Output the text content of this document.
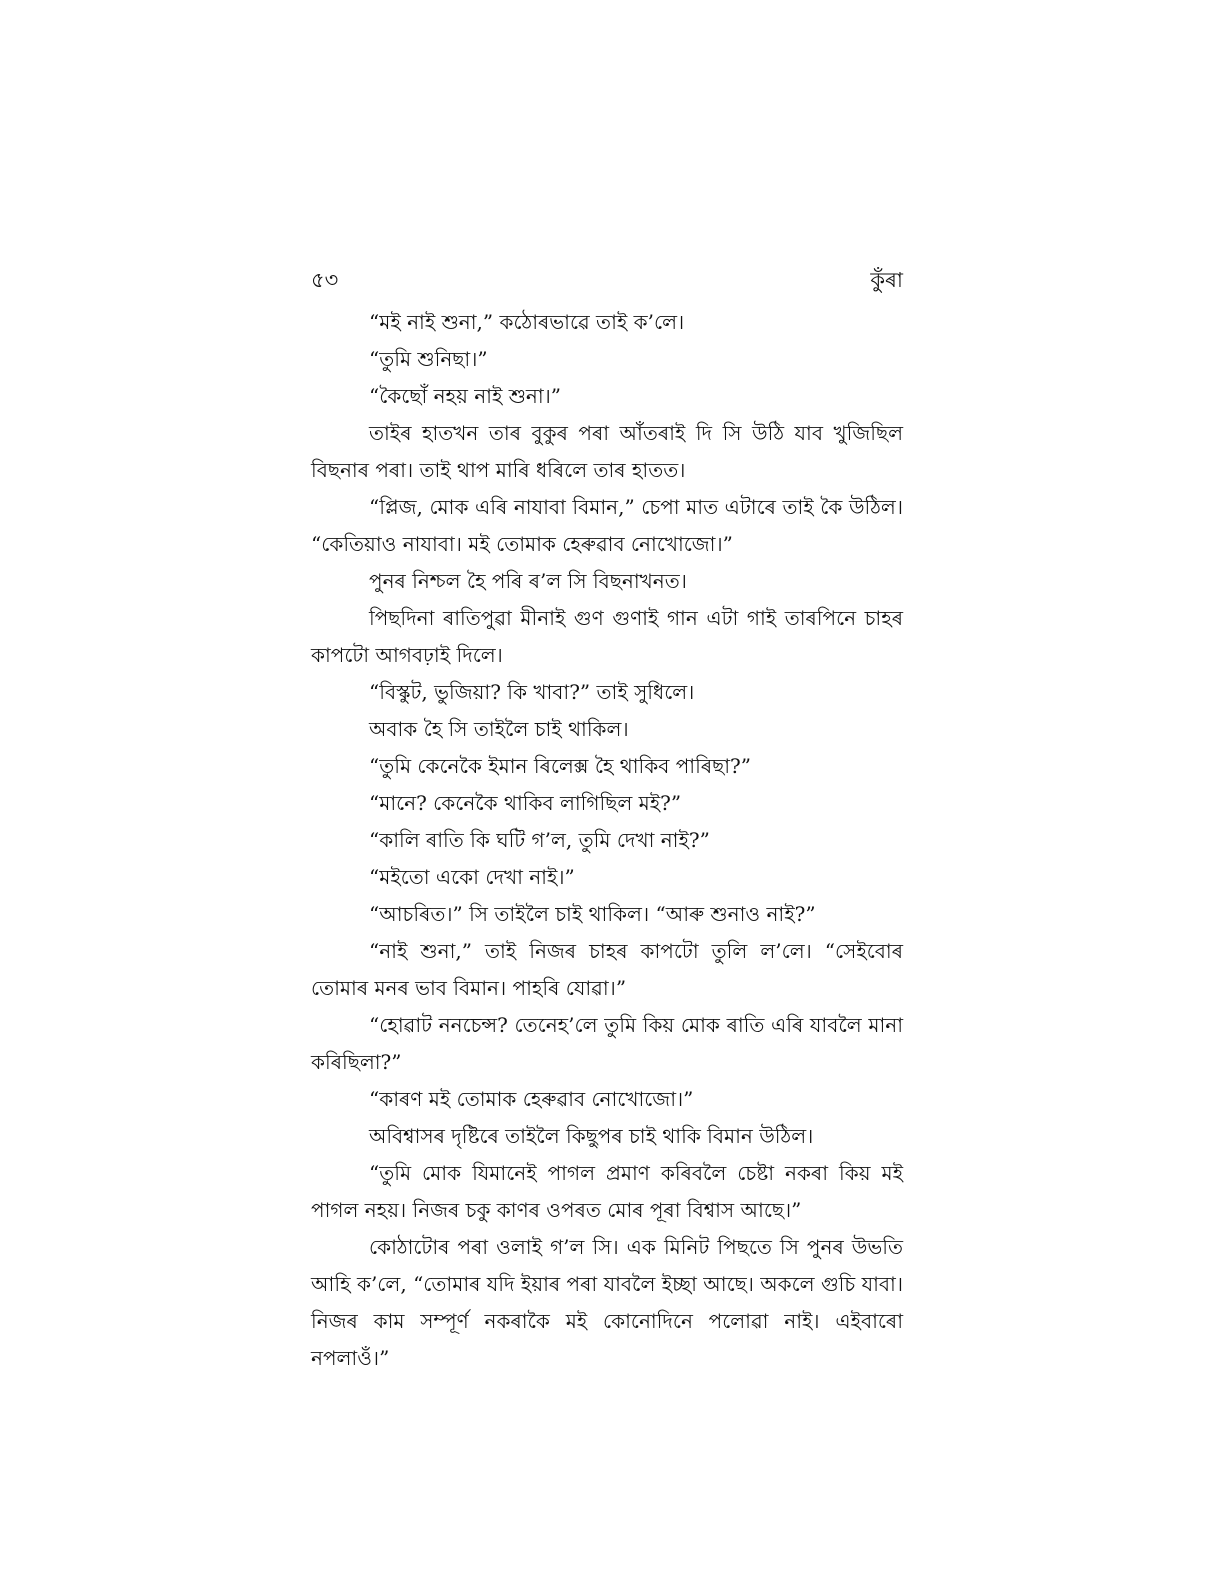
৫৩	কুঁৰা

“মই নাই শুনা,” কঠোৰভাৱে তাই ক’লে।

“তুমি শুনিছা।”

“কৈছোঁ নহয় নাই শুনা।”

তাইৰ হাতখন তাৰ বুকুৰ পৰা আঁতৰাই দি সি উঠি যাব খুজিছিল বিছনাৰ পৰা। তাই থাপ মাৰি ধৰিলে তাৰ হাতত।

“প্লিজ, মোক এৰি নাযাবা বিমান,” চেপা মাত এটাৰে তাই কৈ উঠিল। “কেতিয়াও নাযাবা। মই তোমাক হেৰুৱাব নোখোজো।”

পুনৰ নিশ্চল হৈ পৰি ৰ’ল সি বিছনাখনত।

পিছদিনা ৰাতিপুৱা মীনাই গুণ গুণাই গান এটা গাই তাৰপিনে চাহৰ কাপটো আগবঢ়াই দিলে।

“বিস্কুট, ভুজিয়া? কি খাবা?” তাই সুধিলে।

অবাক হৈ সি তাইলৈ চাই থাকিল।

“তুমি কেনেকৈ ইমান ৰিলেক্স হৈ থাকিব পাৰিছা?”

“মানে? কেনেকৈ থাকিব লাগিছিল মই?”

“কালি ৰাতি কি ঘটি গ’ল, তুমি দেখা নাই?”

“মইতো একো দেখা নাই।”

“আচৰিত।” সি তাইলৈ চাই থাকিল। “আৰু শুনাও নাই?”

“নাই শুনা,” তাই নিজৰ চাহৰ কাপটো তুলি ল’লে। “সেইবোৰ তোমাৰ মনৰ ভাব বিমান। পাহৰি যোৱা।”

“হোৱাট ননচেন্স? তেনেহ’লে তুমি কিয় মোক ৰাতি এৰি যাবলৈ মানা কৰিছিলা?”

“কাৰণ মই তোমাক হেৰুৱাব নোখোজো।”

অবিশ্বাসৰ দৃষ্টিৰে তাইলৈ কিছুপৰ চাই থাকি বিমান উঠিল।

“তুমি মোক যিমানেই পাগল প্ৰমাণ কৰিবলৈ চেষ্টা নকৰা কিয় মই পাগল নহয়। নিজৰ চকু কাণৰ ওপৰত মোৰ পূৰা বিশ্বাস আছে।”

কোঠাটোৰ পৰা ওলাই গ’ল সি। এক মিনিট পিছতে সি পুনৰ উভতি আহি ক’লে, “তোমাৰ যদি ইয়াৰ পৰা যাবলৈ ইচ্ছা আছে। অকলে গুচি যাবা। নিজৰ কাম সম্পূৰ্ণ নকৰাকৈ মই কোনোদিনে পলোৱা নাই। এইবাৰো নপলাওঁ।”
